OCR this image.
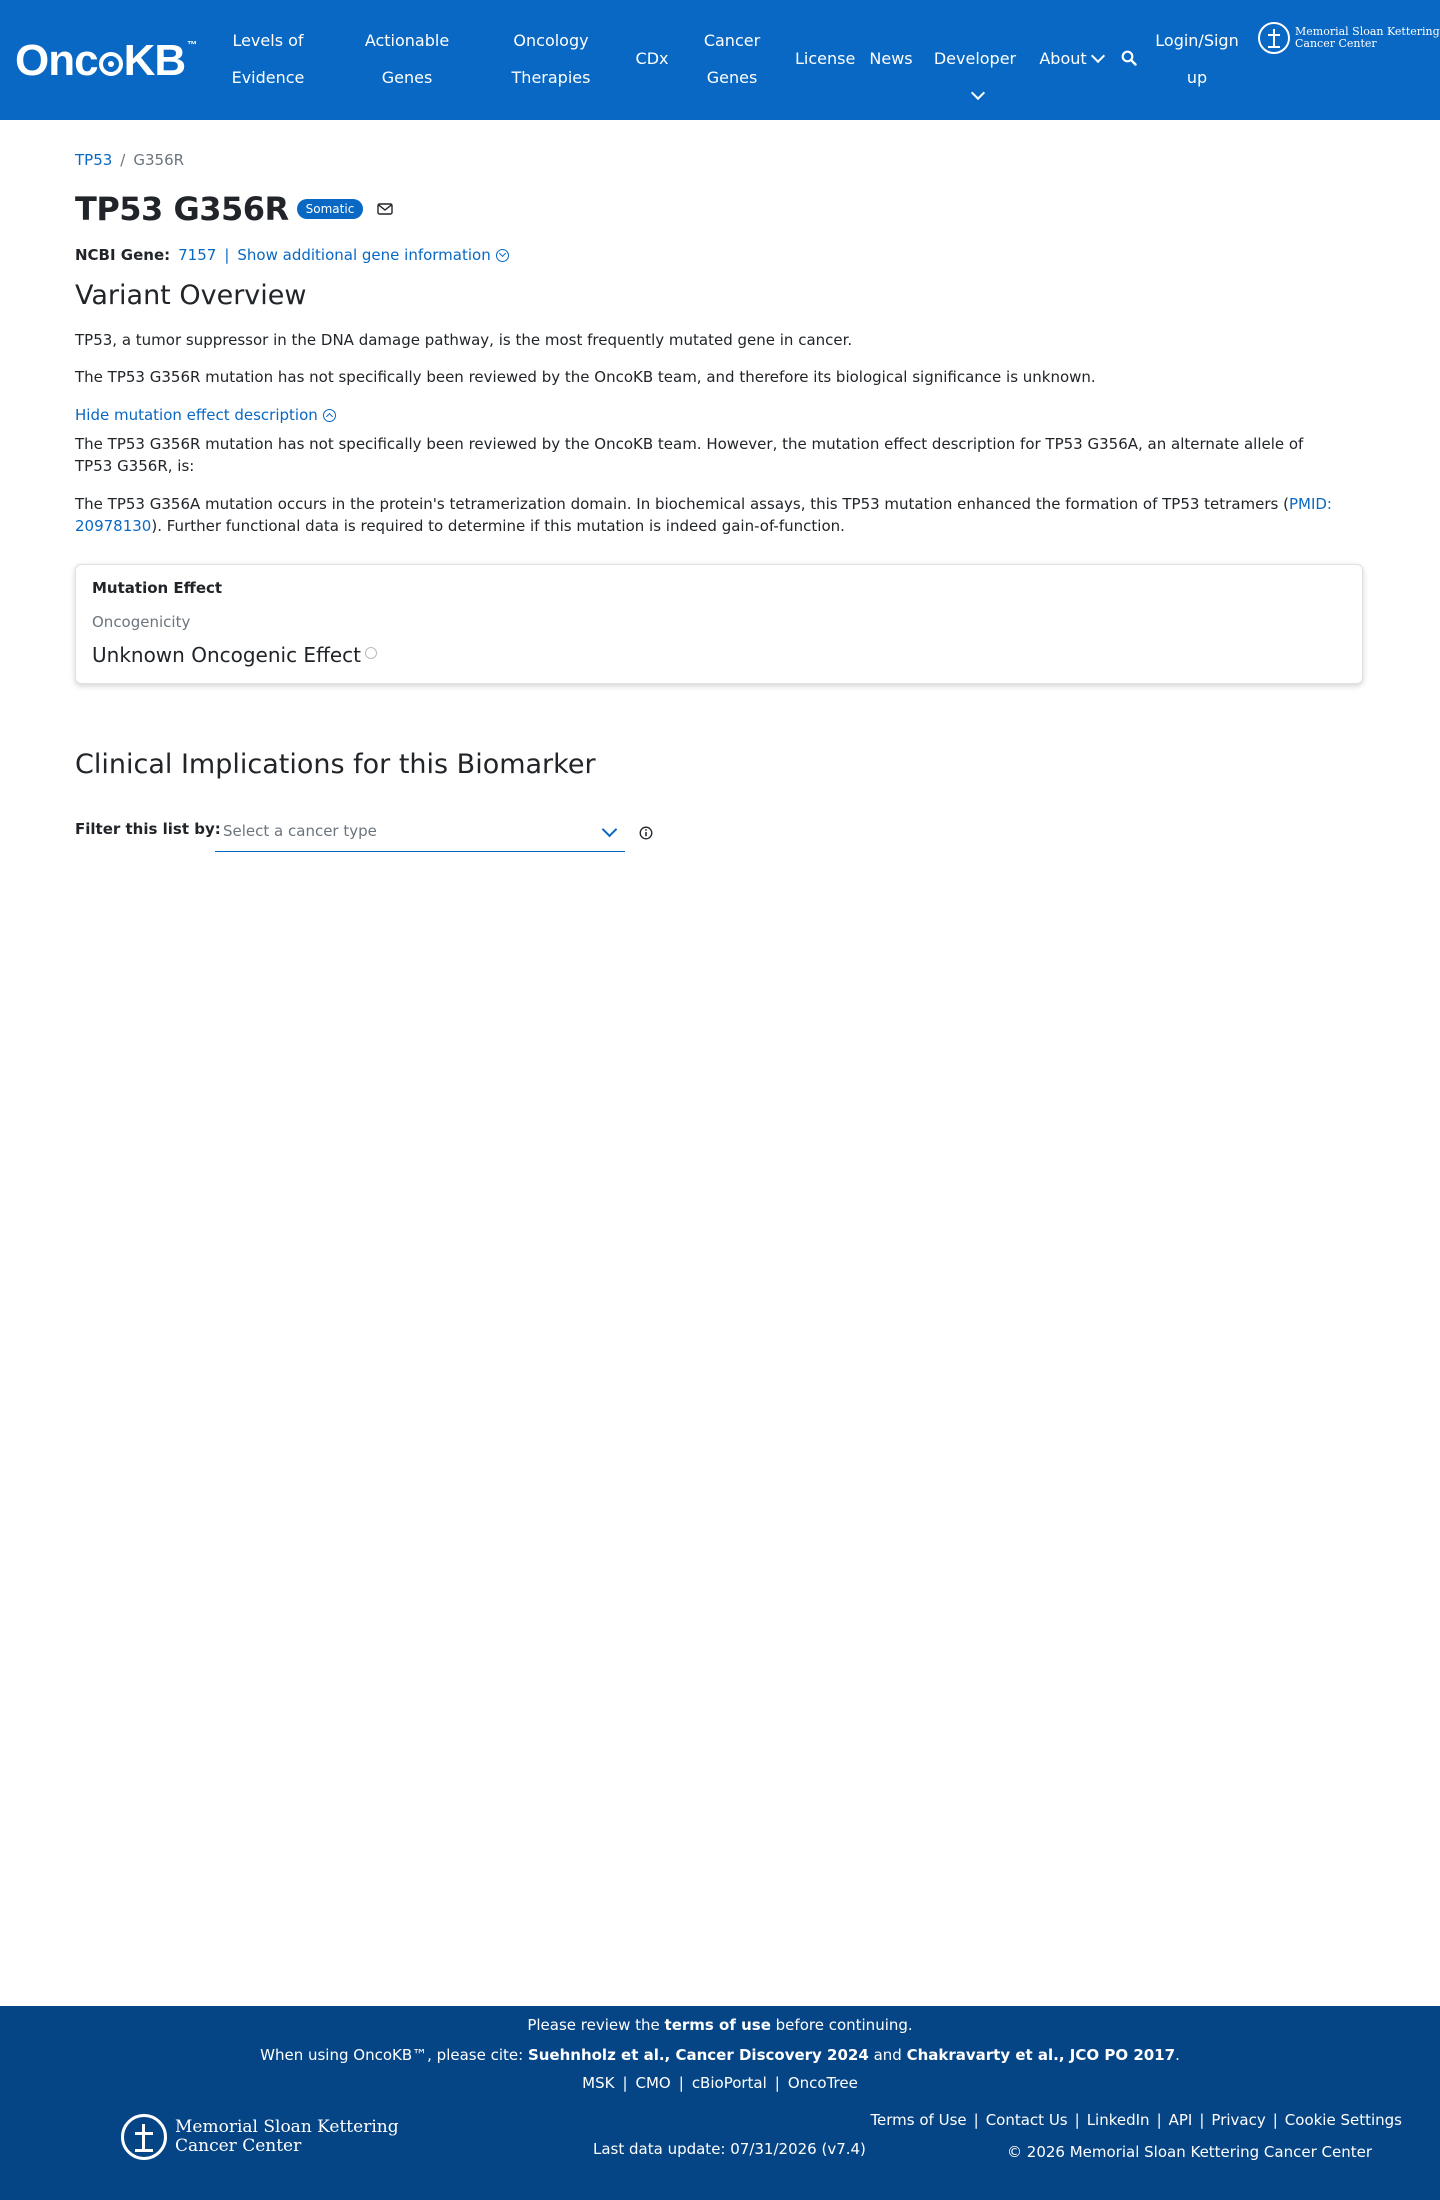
Onc KB ™	Levels of
Evidence
Actionable
Genes
Oncology
Therapies
CDx
Cancer
Genes
License News	Developer	About
Login/Sign
up
Memorial Sloan Kettering
Cancer Center
TP53 / G356R
TP53 G356R	Somatic
NCBI Gene: 7157 | Show additional gene information
Variant Overview

TP53, a tumor suppressor in the DNA damage pathway, is the most frequently mutated gene in cancer.

The TP53 G356R mutation has not specifically been reviewed by the OncoKB team, and therefore its biological significance is unknown.

Hide mutation effect description

The TP53 G356R mutation has not specifically been reviewed by the OncoKB team. However, the mutation effect description for TP53 G356A, an alternate allele of TP53 G356R, is:

The TP53 G356A mutation occurs in the protein's tetramerization domain. In biochemical assays, this TP53 mutation enhanced the formation of TP53 tetramers (PMID: 20978130). Further functional data is required to determine if this mutation is indeed gain-of-function.

Mutation Effect
Oncogenicity
Unknown Oncogenic Effect
Clinical Implications for this Biomarker
Filter this list by: Select a cancer type
Please review the terms of use before continuing.
When using OncoKB™, please cite: Suehnholz et al., Cancer Discovery 2024 and Chakravarty et al., JCO PO 2017.
MSK | CMO | cBioPortal | OncoTree
Memorial Sloan Kettering
Cancer Center	Last data update: 07/31/2026 (v7.4)
Terms of Use | Contact Us | LinkedIn | API | Privacy | Cookie Settings
© 2026 Memorial Sloan Kettering Cancer Center
